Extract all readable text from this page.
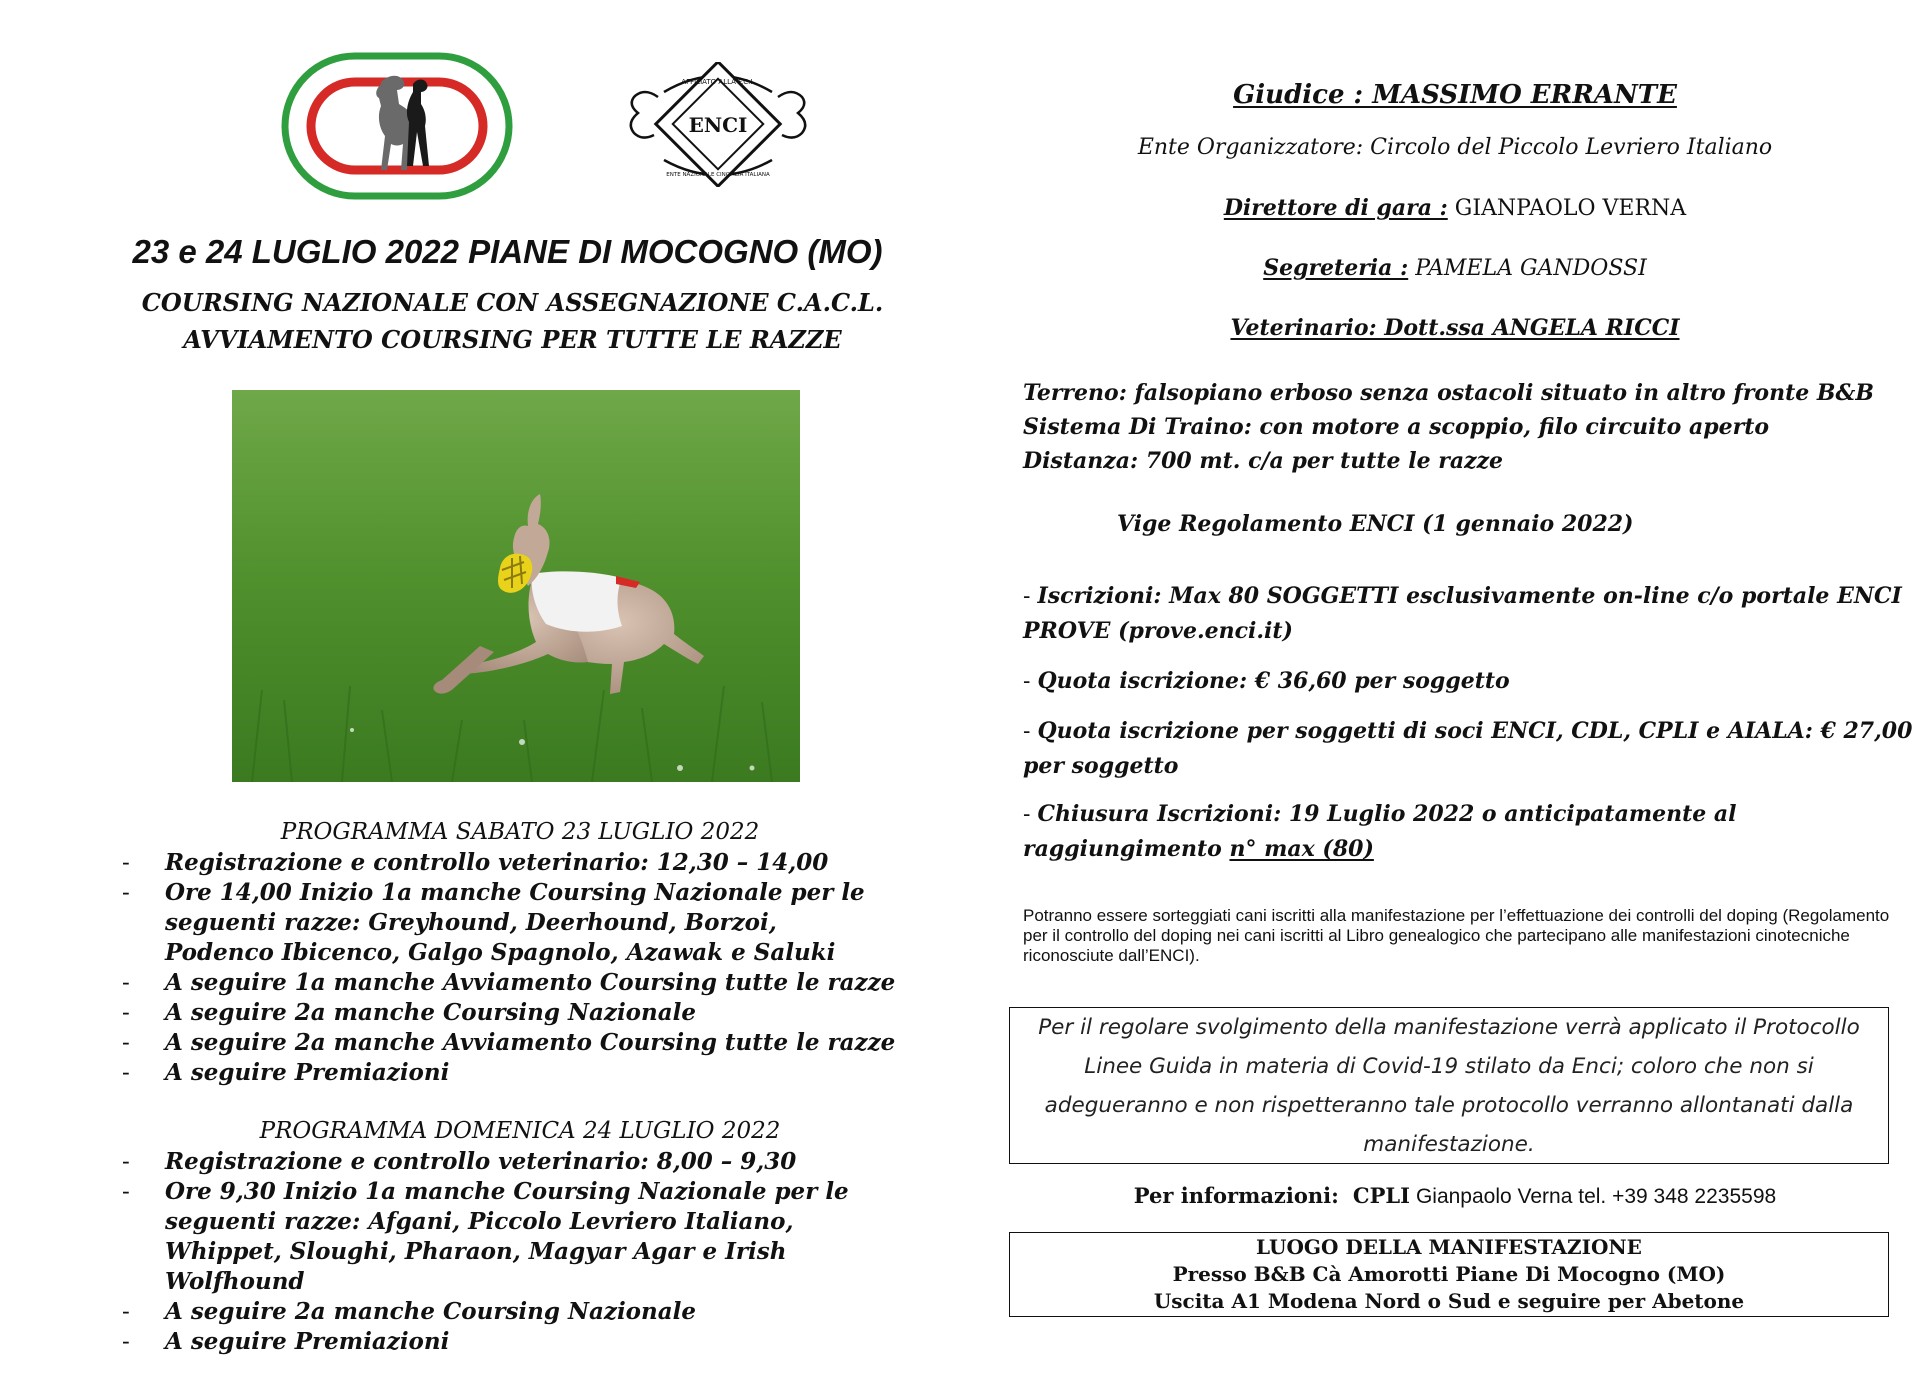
ENCI
AFFILIATO ALLA F.C.I.
ENTE NAZIONALE CINOFILIA ITALIANA
23 e 24 LUGLIO 2022 PIANE DI MOCOGNO (MO)
COURSING NAZIONALE CON ASSEGNAZIONE C.A.C.L.
AVVIAMENTO COURSING PER TUTTE LE RAZZE
PROGRAMMA SABATO 23 LUGLIO 2022
- Registrazione e controllo veterinario: 12,30 – 14,00
- Ore 14,00 Inizio 1a manche Coursing Nazionale per le seguenti razze: Greyhound, Deerhound, Borzoi, Podenco Ibicenco, Galgo Spagnolo, Azawak e Saluki
- A seguire 1a manche Avviamento Coursing tutte le razze
- A seguire 2a manche Coursing Nazionale
- A seguire 2a manche Avviamento Coursing tutte le razze
- A seguire Premiazioni
PROGRAMMA DOMENICA 24 LUGLIO 2022
- Registrazione e controllo veterinario: 8,00 – 9,30
- Ore 9,30 Inizio 1a manche Coursing Nazionale per le seguenti razze: Afgani, Piccolo Levriero Italiano, Whippet, Sloughi, Pharaon, Magyar Agar e Irish Wolfhound
- A seguire 2a manche Coursing Nazionale
- A seguire Premiazioni
Giudice : MASSIMO ERRANTE
Ente Organizzatore: Circolo del Piccolo Levriero Italiano
Direttore di gara : GIANPAOLO VERNA
Segreteria : PAMELA GANDOSSI
Veterinario: Dott.ssa ANGELA RICCI
Terreno: falsopiano erboso senza ostacoli situato in altro fronte B&B
Sistema Di Traino: con motore a scoppio, filo circuito aperto
Distanza: 700 mt. c/a per tutte le razze
Vige Regolamento ENCI (1 gennaio 2022)
- Iscrizioni: Max 80 SOGGETTI esclusivamente on-line c/o portale ENCI PROVE (prove.enci.it)
- Quota iscrizione: € 36,60 per soggetto
- Quota iscrizione per soggetti di soci ENCI, CDL, CPLI e AIALA: € 27,00 per soggetto
- Chiusura Iscrizioni: 19 Luglio 2022 o anticipatamente al raggiungimento n° max (80)
Potranno essere sorteggiati cani iscritti alla manifestazione per l’effettuazione dei controlli del doping (Regolamento per il controllo del doping nei cani iscritti al Libro genealogico che partecipano alle manifestazioni cinotecniche riconosciute dall’ENCI).
Per il regolare svolgimento della manifestazione verrà applicato il Protocollo Linee Guida in materia di Covid-19 stilato da Enci; coloro che non si adegueranno e non rispetteranno tale protocollo verranno allontanati dalla manifestazione.
Per informazioni: CPLI Gianpaolo Verna tel. +39 348 2235598
LUOGO DELLA MANIFESTAZIONE
Presso B&B Cà Amorotti Piane Di Mocogno (MO)
Uscita A1 Modena Nord o Sud e seguire per Abetone
